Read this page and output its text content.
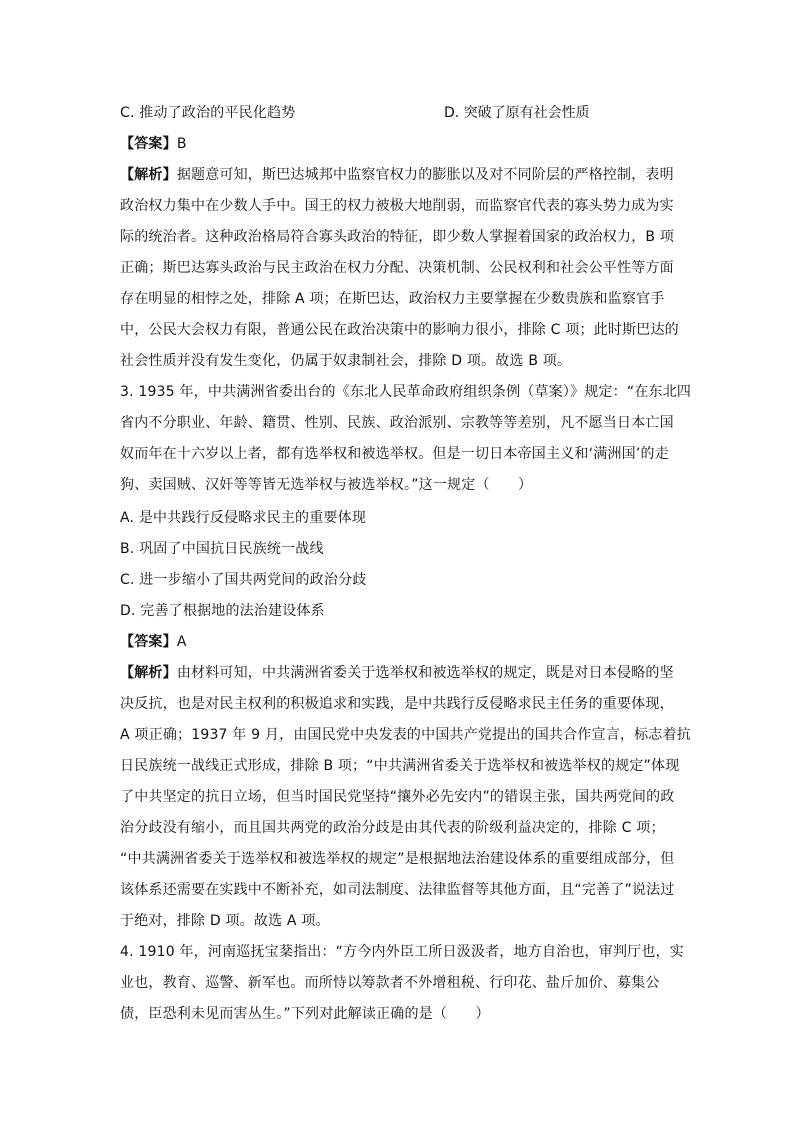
C. 推动了政治的平民化趋势	D. 突破了原有社会性质
【答案】B
【解析】据题意可知，斯巴达城邦中监察官权力的膨胀以及对不同阶层的严格控制，表明
政治权力集中在少数人手中。国王的权力被极大地削弱，而监察官代表的寡头势力成为实
际的统治者。这种政治格局符合寡头政治的特征，即少数人掌握着国家的政治权力，B 项
正确；斯巴达寡头政治与民主政治在权力分配、决策机制、公民权利和社会公平性等方面
存在明显的相悖之处，排除 A 项；在斯巴达，政治权力主要掌握在少数贵族和监察官手
中，公民大会权力有限，普通公民在政治决策中的影响力很小，排除 C 项；此时斯巴达的
社会性质并没有发生变化，仍属于奴隶制社会，排除 D 项。故选 B 项。
3. 1935 年，中共满洲省委出台的《东北人民革命政府组织条例（草案）》规定：“在东北四
省内不分职业、年龄、籍贯、性别、民族、政治派别、宗教等等差别，凡不愿当日本亡国
奴而年在十六岁以上者，都有选举权和被选举权。但是一切日本帝国主义和‘满洲国’的走
狗、卖国贼、汉奸等等皆无选举权与被选举权。”这一规定（　　）
A. 是中共践行反侵略求民主的重要体现
B. 巩固了中国抗日民族统一战线
C. 进一步缩小了国共两党间的政治分歧
D. 完善了根据地的法治建设体系
【答案】A
【解析】由材料可知，中共满洲省委关于选举权和被选举权的规定，既是对日本侵略的坚
决反抗，也是对民主权利的积极追求和实践，是中共践行反侵略求民主任务的重要体现，
A 项正确；1937 年 9 月，由国民党中央发表的中国共产党提出的国共合作宣言，标志着抗
日民族统一战线正式形成，排除 B 项；“中共满洲省委关于选举权和被选举权的规定”体现
了中共坚定的抗日立场，但当时国民党坚持“攘外必先安内”的错误主张，国共两党间的政
治分歧没有缩小，而且国共两党的政治分歧是由其代表的阶级利益决定的，排除 C 项；
“中共满洲省委关于选举权和被选举权的规定”是根据地法治建设体系的重要组成部分，但
该体系还需要在实践中不断补充，如司法制度、法律监督等其他方面，且“完善了”说法过
于绝对，排除 D 项。故选 A 项。
4. 1910 年，河南巡抚宝棻指出：“方今内外臣工所日汲汲者，地方自治也，审判厅也，实
业也，教育、巡警、新军也。而所恃以筹款者不外增租税、行印花、盐斤加价、募集公
债，臣恐利未见而害丛生。”下列对此解读正确的是（　　）
